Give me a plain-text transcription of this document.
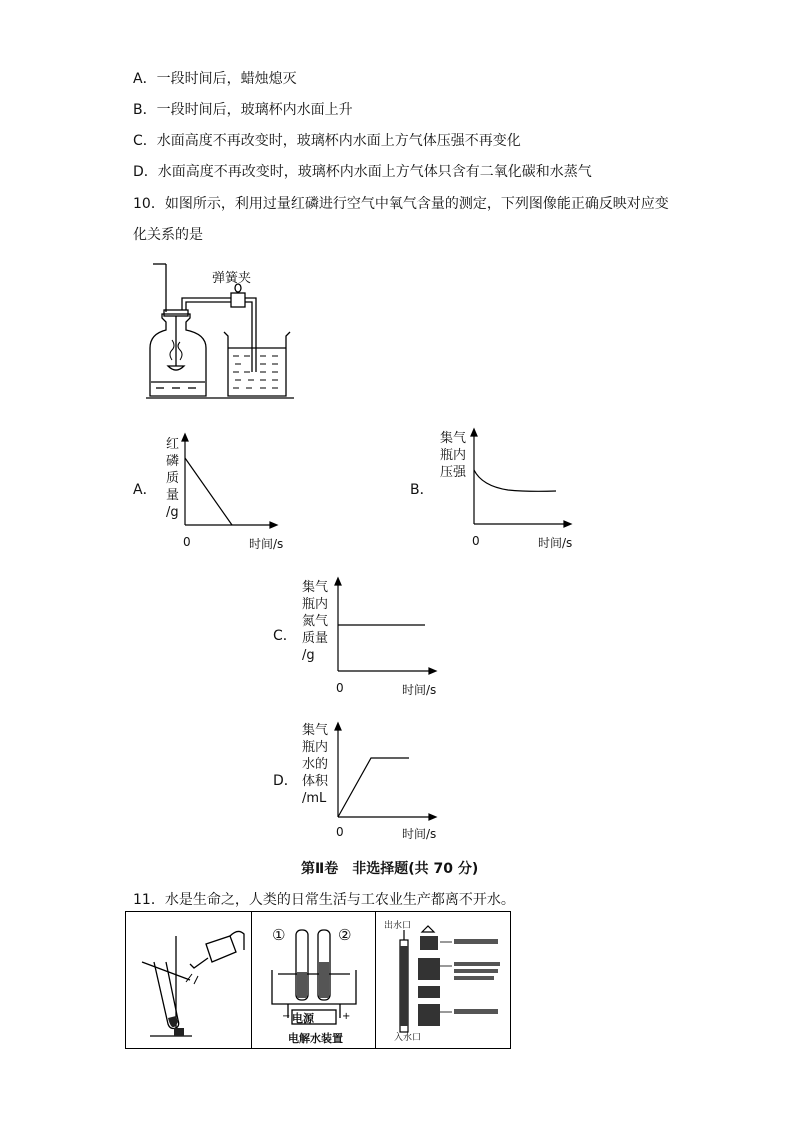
A．一段时间后，蜡烛熄灭
B．一段时间后，玻璃杯内水面上升
C．水面高度不再改变时，玻璃杯内水面上方气体压强不再变化
D．水面高度不再改变时，玻璃杯内水面上方气体只含有二氧化碳和水蒸气
10．如图所示，利用过量红磷进行空气中氧气含量的测定，下列图像能正确反映对应变
化关系的是
弹簧夹
A．
红
磷
质
量
/g
0	时间/s
B．
集气
瓶内
压强
0	时间/s
C．
集气
瓶内
氮气
质量
/g
0	时间/s
D．
集气
瓶内
水的
体积
/mL
0	时间/s
第Ⅱ卷　非选择题(共 70 分)
11．水是生命之，人类的日常生活与工农业生产都离不开水。
①	②
−	+
电源
电解水装置
出水口
入水口
